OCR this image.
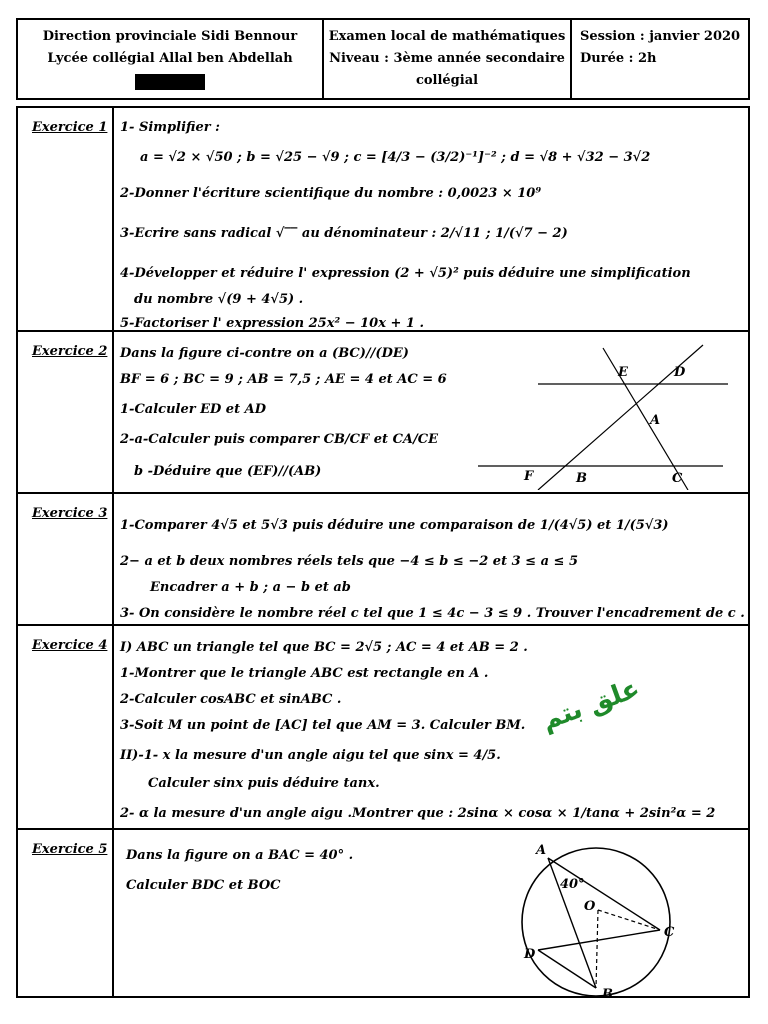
Direction provinciale Sidi Bennour
Lycée collégial Allal ben Abdellah
Examen local de mathématiques
Niveau : 3ème année secondaire
collégial
Session : janvier 2020
Durée : 2h
Exercice 1 1- Simplifier :
a = √2 × √50 ; b = √25 − √9 ; c = [4/3 − (3/2)⁻¹]⁻² ; d = √8 + √32 − 3√2
2-Donner l'écriture scientifique du nombre : 0,0023 × 10⁹
3-Ecrire sans radical √‾‾ au dénominateur : 2/√11 ; 1/(√7 − 2)
4-Développer et réduire l' expression (2 + √5)² puis déduire une simplification
du nombre √(9 + 4√5) .
5-Factoriser l' expression 25x² − 10x + 1 .
Exercice 2 Dans la figure ci-contre on a (BC)//(DE)
BF = 6 ; BC = 9 ; AB = 7,5 ; AE = 4 et AC = 6
1-Calculer ED et AD
2-a-Calculer puis comparer CB/CF et CA/CE
b -Déduire que (EF)//(AB)
E	D
A
F	B	C
Exercice 3
1-Comparer 4√5 et 5√3 puis déduire une comparaison de 1/(4√5) et 1/(5√3)
2− a et b deux nombres réels tels que −4 ≤ b ≤ −2 et 3 ≤ a ≤ 5
Encadrer a + b ; a − b et ab
3- On considère le nombre réel c tel que 1 ≤ 4c − 3 ≤ 9 . Trouver l'encadrement de c .
Exercice 4 I) ABC un triangle tel que BC = 2√5 ; AC = 4 et AB = 2 .
1-Montrer que le triangle ABC est rectangle en A .
2-Calculer cosABC et sinABC .
3-Soit M un point de [AC] tel que AM = 3. Calculer BM.
II)-1- x la mesure d'un angle aigu tel que sinx = 4/5.
Calculer sinx puis déduire tanx.
2- α la mesure d'un angle aigu .Montrer que : 2sinα × cosα × 1/tanα + 2sin²α = 2
Exercice 5	Dans la figure on a BAC = 40° .
Calculer BDC et BOC
A
40°
O
C
D
B
علق بتم
